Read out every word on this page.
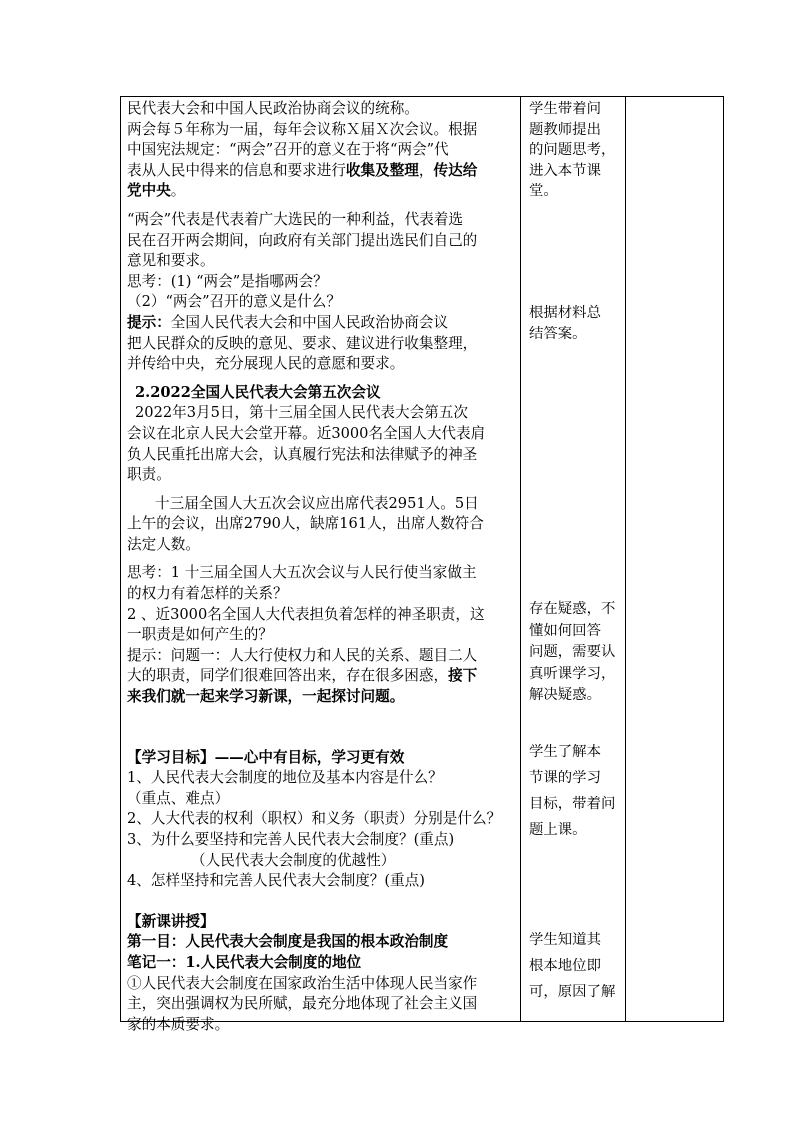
民代表大会和中国人民政治协商会议的统称。

两会每５年称为一届，每年会议称Ｘ届Ｘ次会议。根据

中国宪法规定：“两会”召开的意义在于将“两会”代

表从人民中得来的信息和要求进行收集及整理，传达给

党中央。

“两会”代表是代表着广大选民的一种利益，代表着选

民在召开两会期间，向政府有关部门提出选民们自己的

意见和要求。

思考：(1) “两会”是指哪两会？

（2）“两会”召开的意义是什么？

提示：全国人民代表大会和中国人民政治协商会议

把人民群众的反映的意见、要求、建议进行收集整理，

并传给中央，充分展现人民的意愿和要求。

2.2022全国人民代表大会第五次会议

2022年3月5日，第十三届全国人民代表大会第五次

会议在北京人民大会堂开幕。近3000名全国人大代表肩

负人民重托出席大会，认真履行宪法和法律赋予的神圣

职责。

十三届全国人大五次会议应出席代表2951人。5日

上午的会议，出席2790人，缺席161人，出席人数符合

法定人数。

思考：1 十三届全国人大五次会议与人民行使当家做主

的权力有着怎样的关系？

2 、近3000名全国人大代表担负着怎样的神圣职责，这

一职责是如何产生的？

提示：问题一：人大行使权力和人民的关系、题目二人

大的职责，同学们很难回答出来，存在很多困惑，接下

来我们就一起来学习新课，一起探讨问题。

【学习目标】——心中有目标，学习更有效

1、人民代表大会制度的地位及基本内容是什么？

（重点、难点）

2、人大代表的权利（职权）和义务（职责）分别是什么？

3、为什么要坚持和完善人民代表大会制度？(重点)

（人民代表大会制度的优越性）

4、怎样坚持和完善人民代表大会制度？(重点)

【新课讲授】

第一目：人民代表大会制度是我国的根本政治制度

笔记一：1.人民代表大会制度的地位

①人民代表大会制度在国家政治生活中体现人民当家作

主，突出强调权为民所赋，最充分地体现了社会主义国

家的本质要求。

学生带着问

题教师提出

的问题思考，

进入本节课

堂。

根据材料总

结答案。

存在疑惑，不

懂如何回答

问题，需要认

真听课学习，

解决疑惑。

学生了解本

节课的学习

目标，带着问

题上课。

学生知道其

根本地位即

可，原因了解
